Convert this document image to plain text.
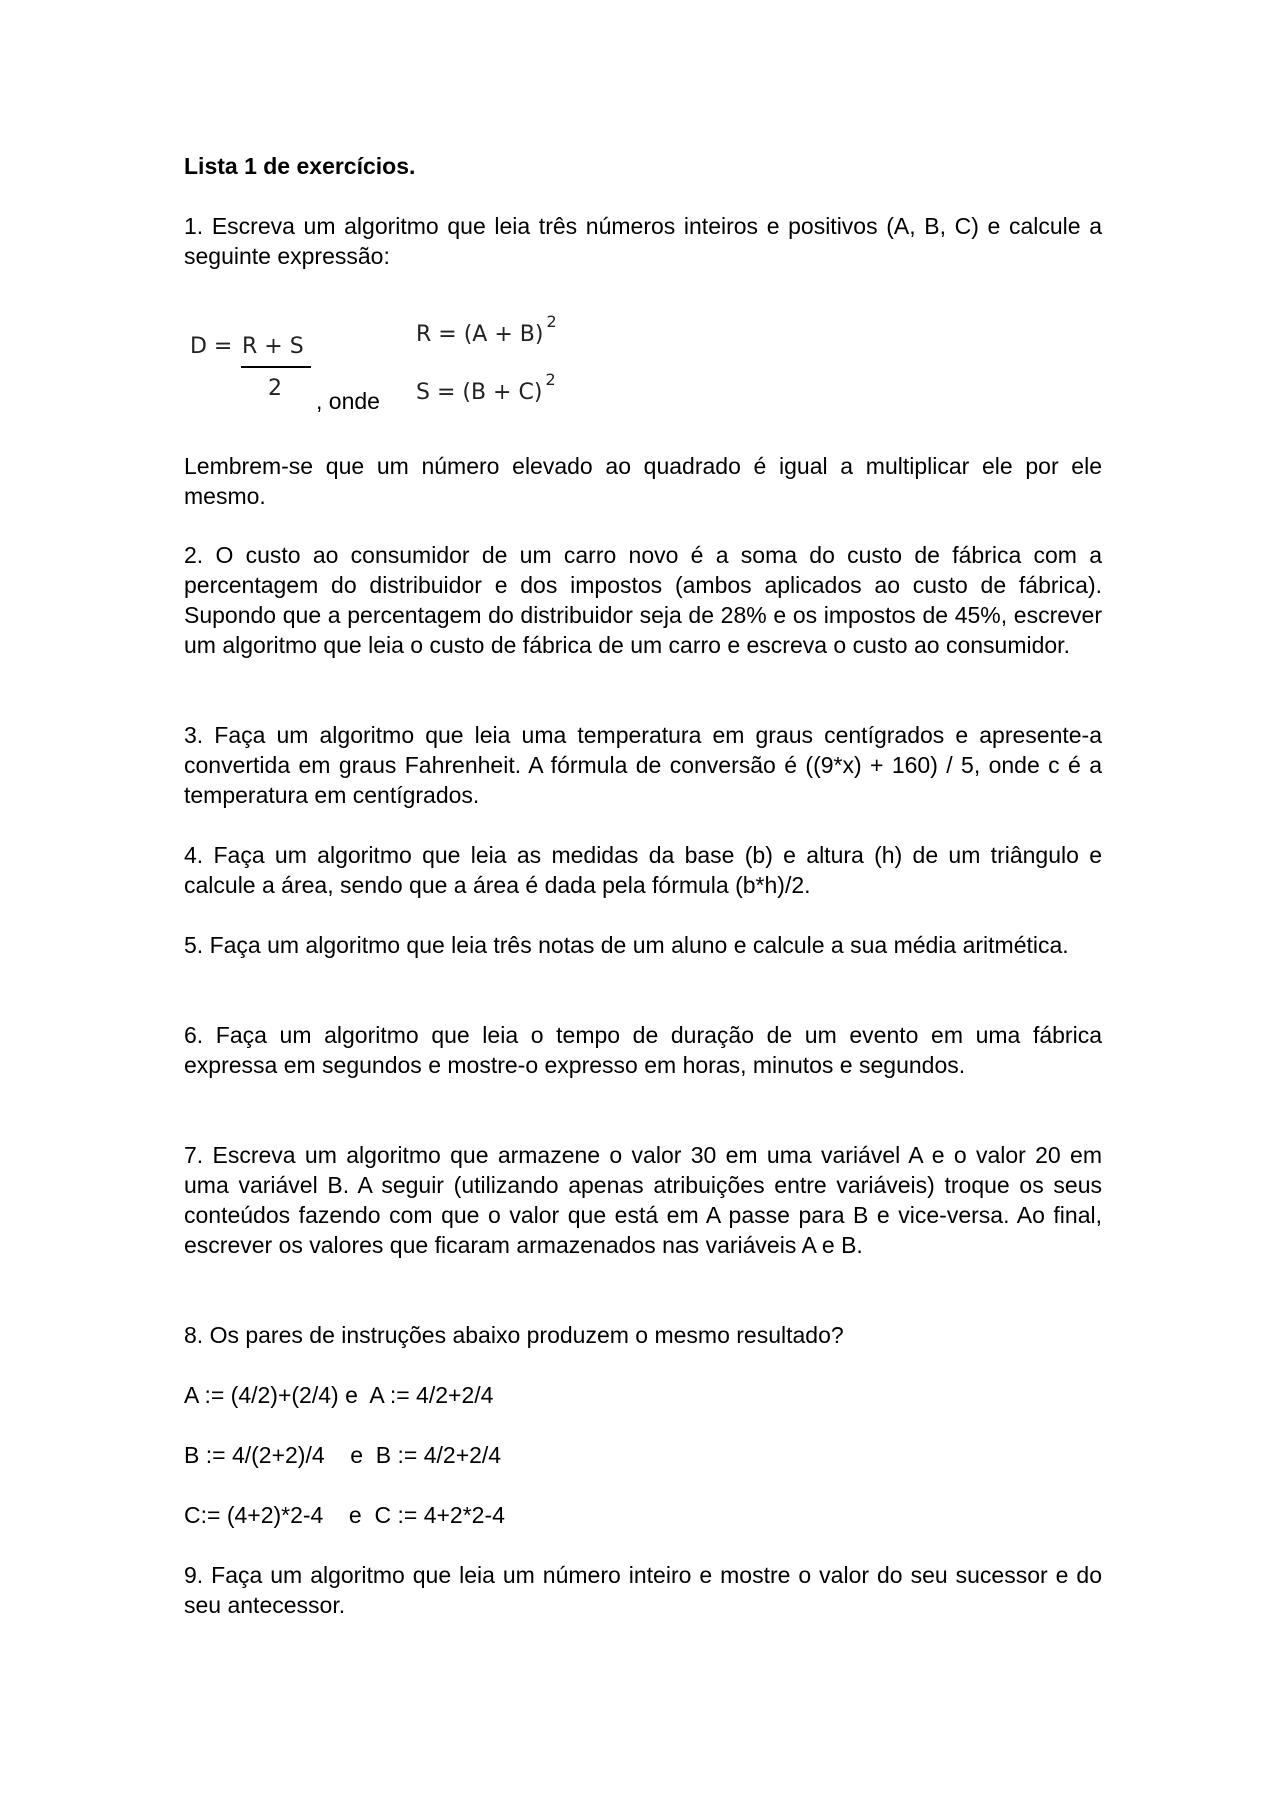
Lista 1 de exercícios.
1. Escreva um algoritmo que leia três números inteiros e positivos (A, B, C) e calcule a seguinte expressão:
D = R + S
2 , onde
$R = (A + B)^2$
$S = (B + C)^2$
Lembrem-se que um número elevado ao quadrado é igual a multiplicar ele por ele mesmo.
2. O custo ao consumidor de um carro novo é a soma do custo de fábrica com a percentagem do distribuidor e dos impostos (ambos aplicados ao custo de fábrica). Supondo que a percentagem do distribuidor seja de 28% e os impostos de 45%, escrever um algoritmo que leia o custo de fábrica de um carro e escreva o custo ao consumidor.
3. Faça um algoritmo que leia uma temperatura em graus centígrados e apresente-a convertida em graus Fahrenheit. A fórmula de conversão é ((9*x) + 160) / 5, onde c é a temperatura em centígrados.
4. Faça um algoritmo que leia as medidas da base (b) e altura (h) de um triângulo e calcule a área, sendo que a área é dada pela fórmula (b*h)/2.
5. Faça um algoritmo que leia três notas de um aluno e calcule a sua média aritmética.
6. Faça um algoritmo que leia o tempo de duração de um evento em uma fábrica expressa em segundos e mostre-o expresso em horas, minutos e segundos.
7. Escreva um algoritmo que armazene o valor 30 em uma variável A e o valor 20 em uma variável B. A seguir (utilizando apenas atribuições entre variáveis) troque os seus conteúdos fazendo com que o valor que está em A passe para B e vice-versa. Ao final, escrever os valores que ficaram armazenados nas variáveis A e B.
8. Os pares de instruções abaixo produzem o mesmo resultado?
A := (4/2)+(2/4) e  A := 4/2+2/4
B := 4/(2+2)/4    e  B := 4/2+2/4
C:= (4+2)*2-4    e  C := 4+2*2-4
9. Faça um algoritmo que leia um número inteiro e mostre o valor do seu sucessor e do seu antecessor.
